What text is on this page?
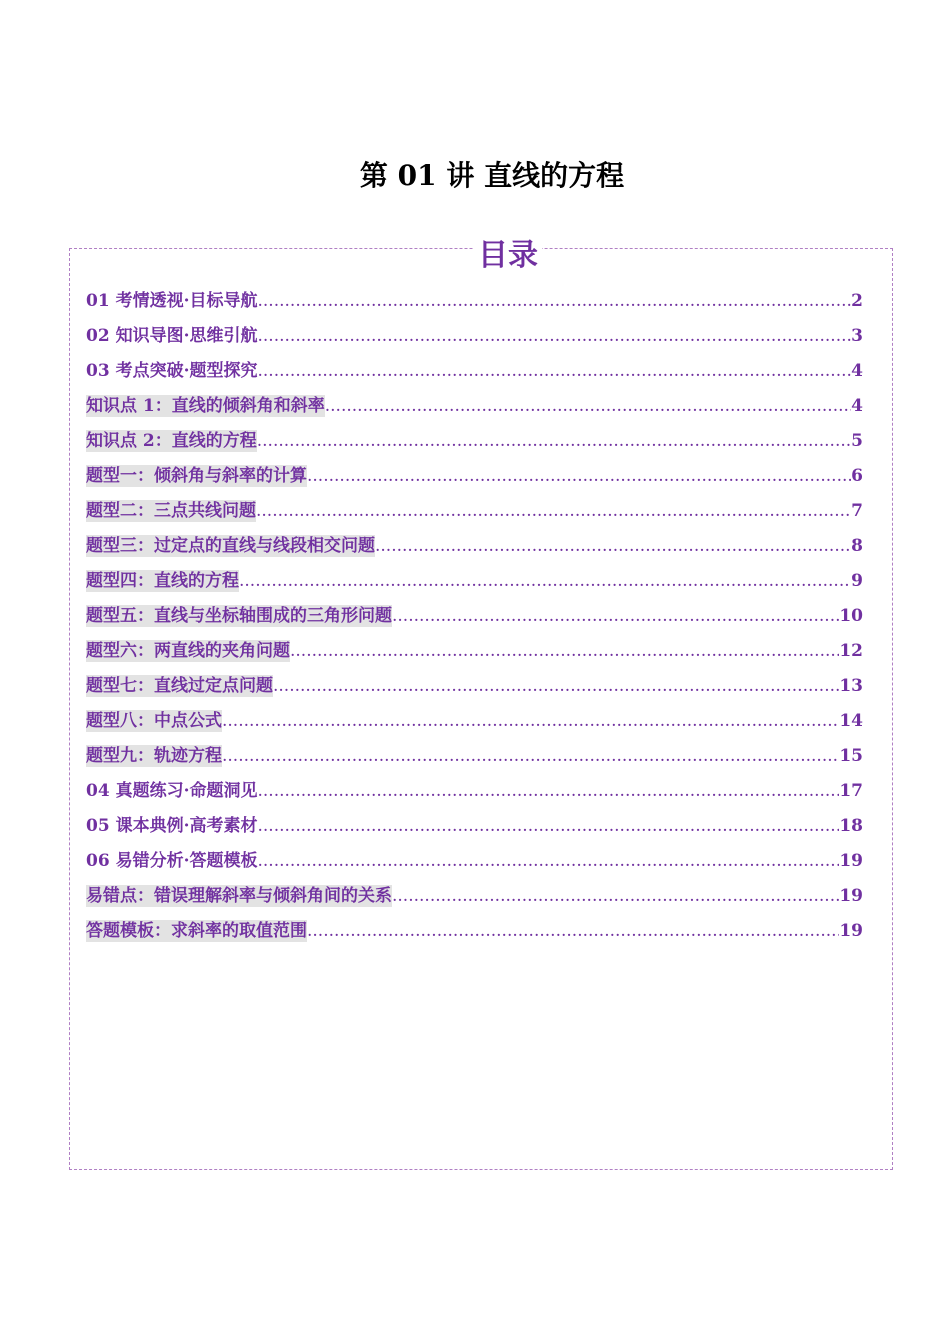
第 01 讲 直线的方程
目录
01 考情透视·目标导航 .....	2
02 知识导图·思维引航 .....	3
03 考点突破·题型探究 .....	4
知识点 1：直线的倾斜角和斜率 .....	4
知识点 2：直线的方程 .....	5
题型一：倾斜角与斜率的计算 .....	6
题型二：三点共线问题 .....	7
题型三：过定点的直线与线段相交问题 .....	8
题型四：直线的方程 .....	9
题型五：直线与坐标轴围成的三角形问题 .....	10
题型六：两直线的夹角问题 .....	12
题型七：直线过定点问题 .....	13
题型八：中点公式 .....	14
题型九：轨迹方程 .....	15
04 真题练习·命题洞见 .....	17
05 课本典例·高考素材 .....	18
06 易错分析·答题模板 .....	19
易错点：错误理解斜率与倾斜角间的关系 .....	19
答题模板：求斜率的取值范围 .....	19
